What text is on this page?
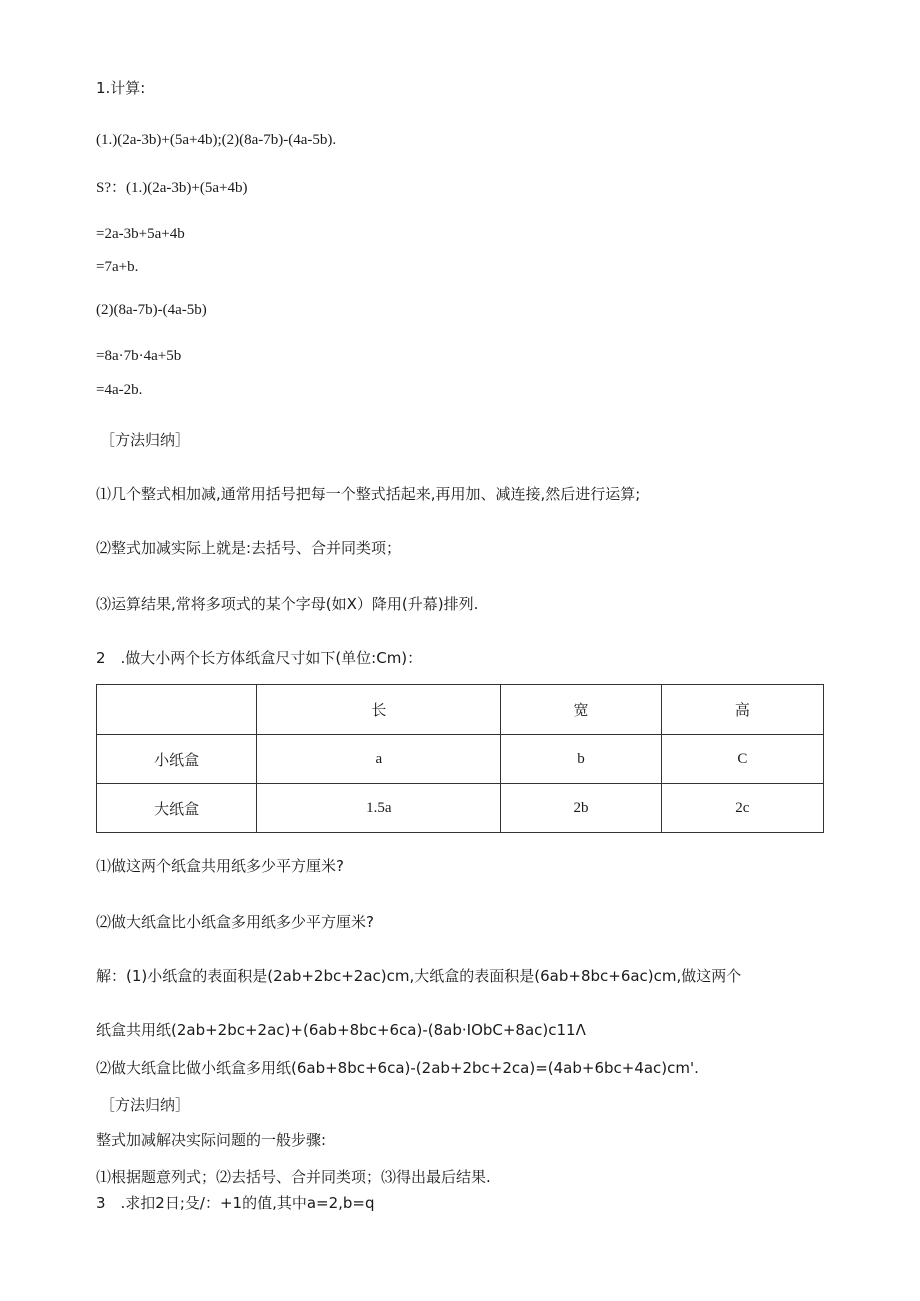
1.计算:
(1.)(2a-3b)+(5a+4b);(2)(8a-7b)-(4a-5b).
S?：(1.)(2a-3b)+(5a+4b)
=2a-3b+5a+4b
=7a+b.
(2)(8a-7b)-(4a-5b)
=8a·7b·4a+5b
=4a-2b.
［方法归纳］
⑴几个整式相加减,通常用括号把每一个整式括起来,再用加、减连接,然后进行运算;
⑵整式加减实际上就是:去括号、合并同类项；
⑶运算结果,常将多项式的某个字母(如X）降用(升幕)排列.
2　.做大小两个长方体纸盒尺寸如下(单位:Cm)：
	长	宽	高
小纸盒	a	b	C
大纸盒	1.5a	2b	2c
⑴做这两个纸盒共用纸多少平方厘米?
⑵做大纸盒比小纸盒多用纸多少平方厘米?
解：(1)小纸盒的表面积是(2ab+2bc+2ac)cm,大纸盒的表面积是(6ab+8bc+6ac)cm,做这两个
纸盒共用纸(2ab+2bc+2ac)+(6ab+8bc+6ca)-(8ab·IObC+8ac)c11Λ
⑵做大纸盒比做小纸盒多用纸(6ab+8bc+6ca)-(2ab+2bc+2ca)=(4ab+6bc+4ac)cm'.
［方法归纳］
整式加减解决实际问题的一般步骤:
⑴根据题意列式；⑵去括号、合并同类项；⑶得出最后结果.
3　.求扣2日;殳/：+1的值,其中a=2,b=q
